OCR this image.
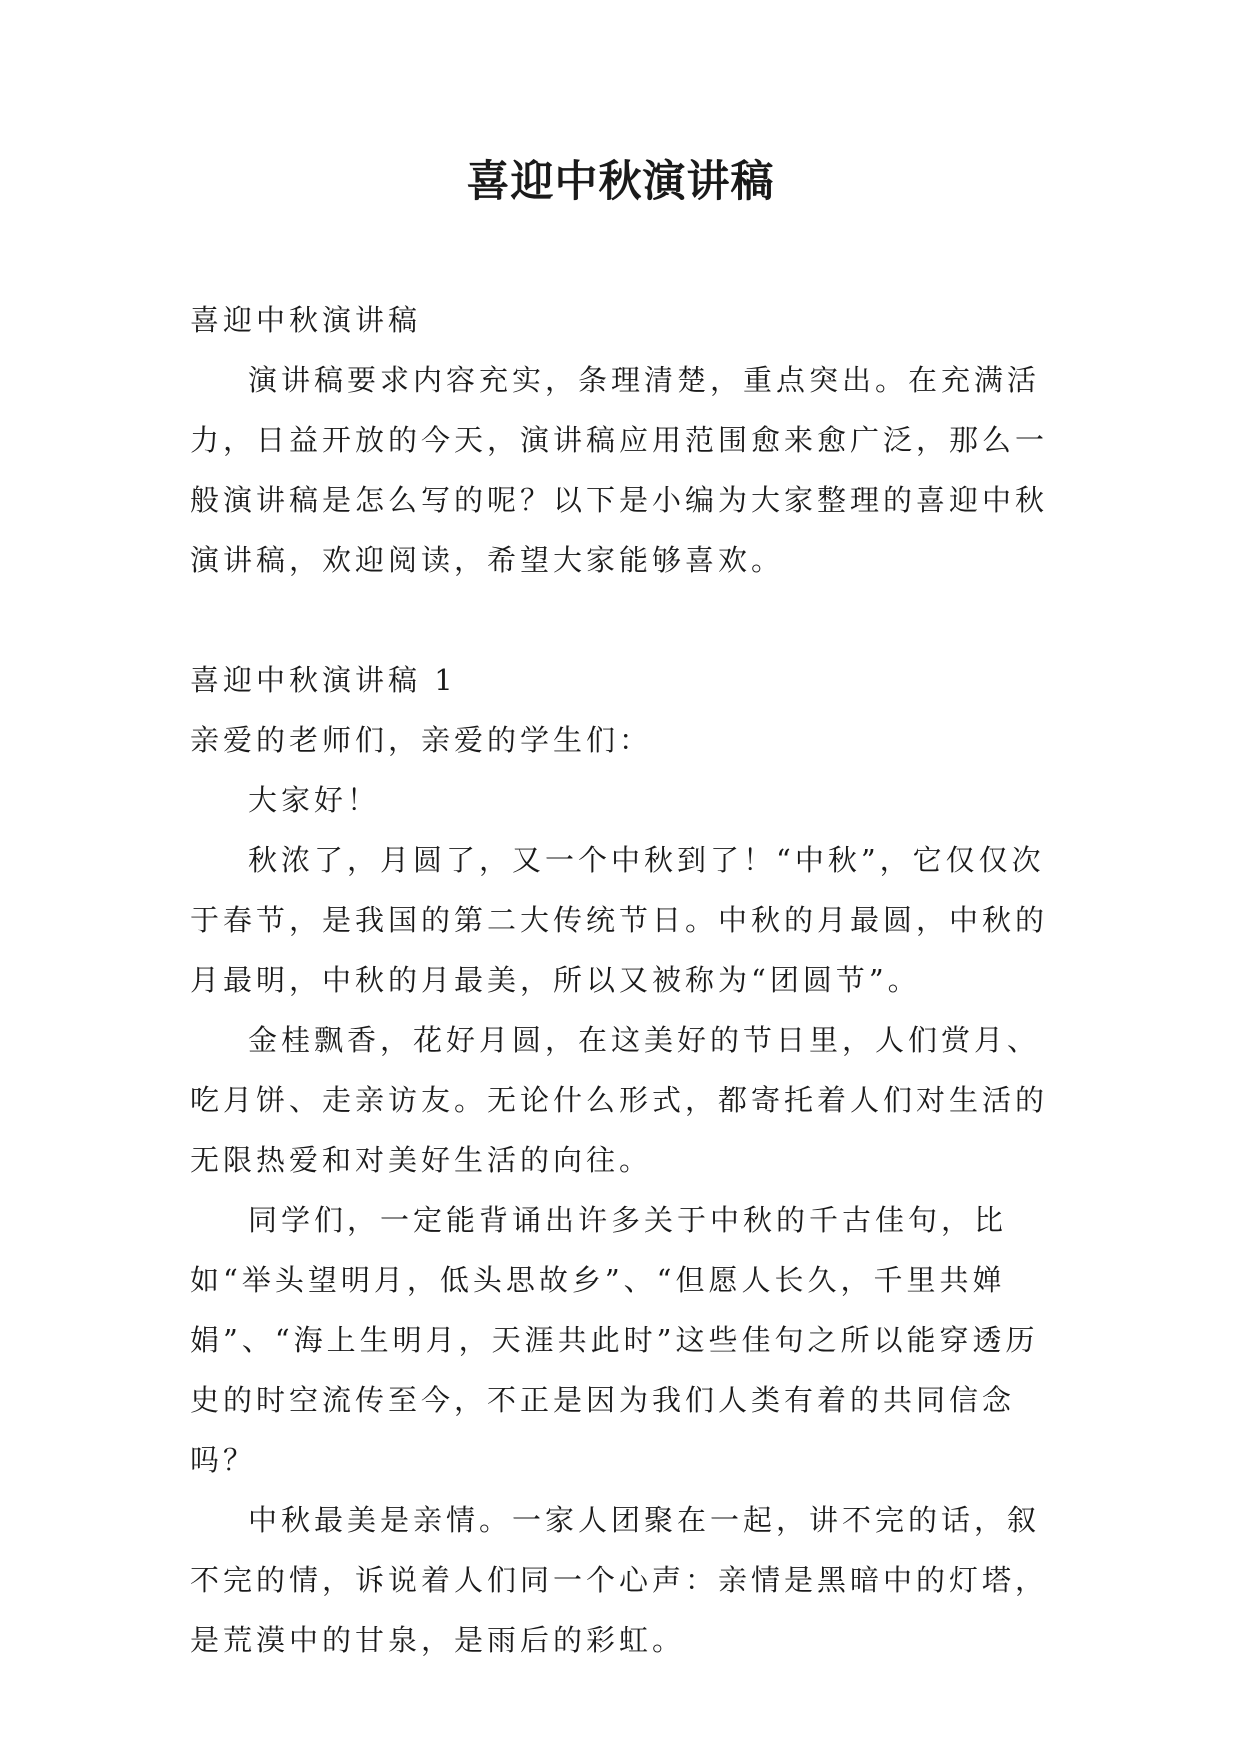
喜迎中秋演讲稿

喜迎中秋演讲稿

演讲稿要求内容充实，条理清楚，重点突出。在充满活力，日益开放的今天，演讲稿应用范围愈来愈广泛，那么一般演讲稿是怎么写的呢？以下是小编为大家整理的喜迎中秋演讲稿，欢迎阅读，希望大家能够喜欢。

喜迎中秋演讲稿 1

亲爱的老师们，亲爱的学生们：

大家好！

秋浓了，月圆了，又一个中秋到了！“中秋”，它仅仅次于春节，是我国的第二大传统节日。中秋的月最圆，中秋的月最明，中秋的月最美，所以又被称为“团圆节”。

金桂飘香，花好月圆，在这美好的节日里，人们赏月、吃月饼、走亲访友。无论什么形式，都寄托着人们对生活的无限热爱和对美好生活的向往。

同学们，一定能背诵出许多关于中秋的千古佳句，比如“举头望明月，低头思故乡”、“但愿人长久，千里共婵娟”、“海上生明月，天涯共此时”这些佳句之所以能穿透历史的时空流传至今，不正是因为我们人类有着的共同信念吗？

中秋最美是亲情。一家人团聚在一起，讲不完的话，叙不完的情，诉说着人们同一个心声：亲情是黑暗中的灯塔，是荒漠中的甘泉，是雨后的彩虹。
